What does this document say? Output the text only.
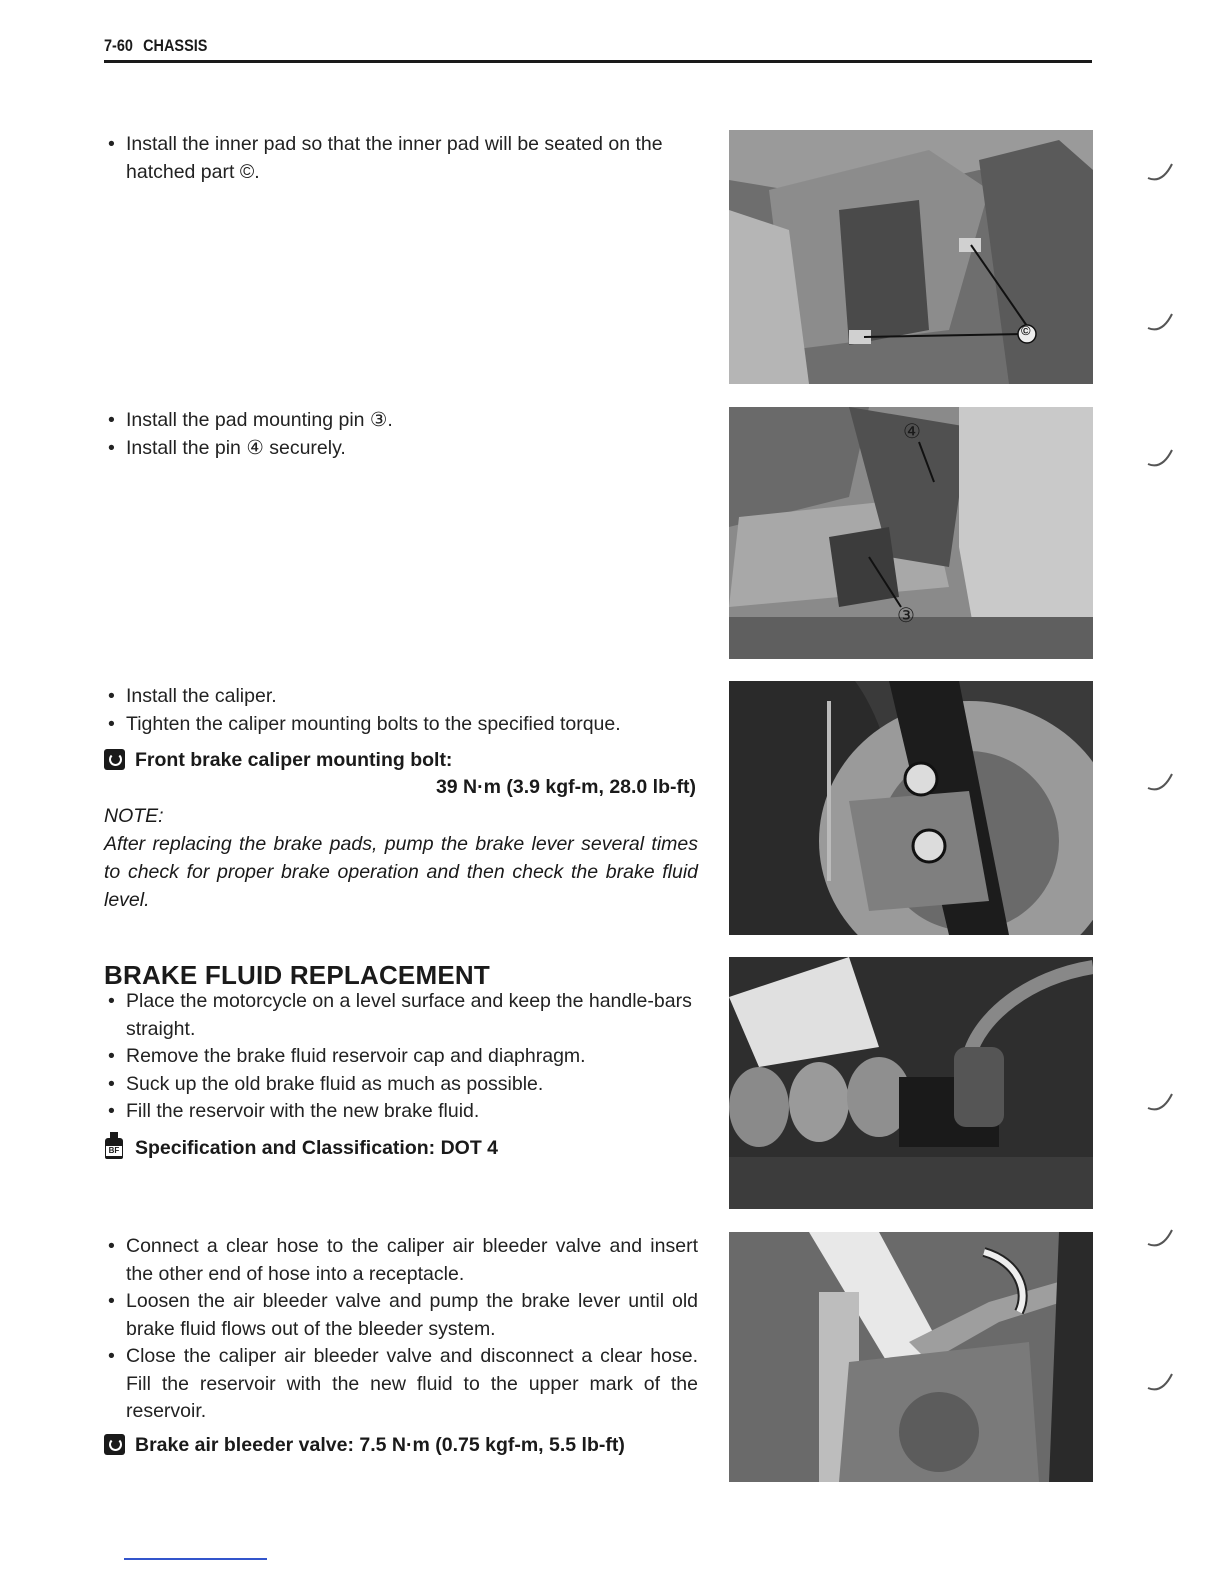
7-60 CHASSIS
• Install the inner pad so that the inner pad will be seated on the hatched part ©.
• Install the pad mounting pin ③.
• Install the pin ④ securely.
• Install the caliper.
• Tighten the caliper mounting bolts to the specified torque.
Front brake caliper mounting bolt:
39 N·m (3.9 kgf-m, 28.0 lb-ft)
NOTE:
After replacing the brake pads, pump the brake lever several times to check for proper brake operation and then check the brake fluid level.
BRAKE FLUID REPLACEMENT
• Place the motorcycle on a level surface and keep the handle-bars straight.
• Remove the brake fluid reservoir cap and diaphragm.
• Suck up the old brake fluid as much as possible.
• Fill the reservoir with the new brake fluid.
BF Specification and Classification: DOT 4
• Connect a clear hose to the caliper air bleeder valve and insert the other end of hose into a receptacle.
• Loosen the air bleeder valve and pump the brake lever until old brake fluid flows out of the bleeder system.
• Close the caliper air bleeder valve and disconnect a clear hose. Fill the reservoir with the new fluid to the upper mark of the reservoir.
Brake air bleeder valve: 7.5 N·m (0.75 kgf-m, 5.5 lb-ft)
©
④
③
